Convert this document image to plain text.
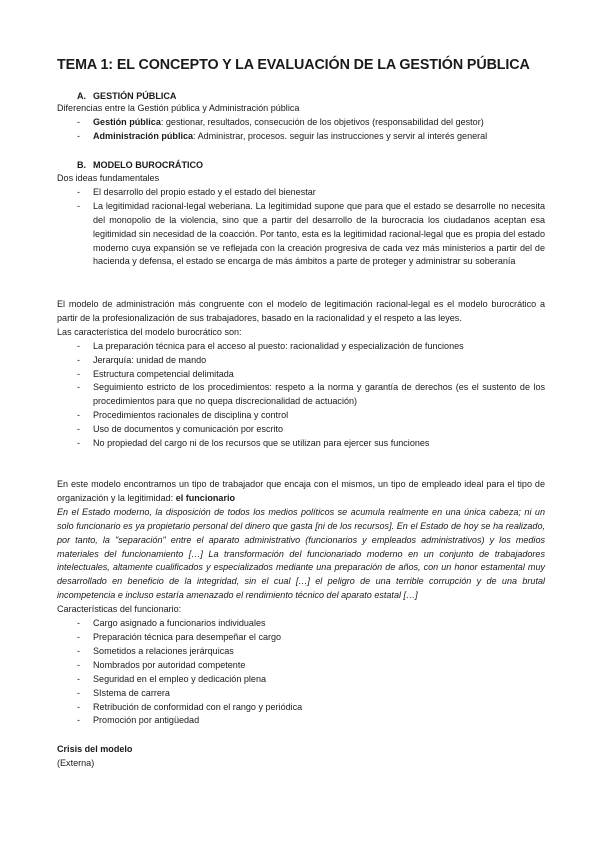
TEMA 1: EL CONCEPTO Y LA EVALUACIÓN DE LA GESTIÓN PÚBLICA
A. GESTIÓN PÚBLICA
Diferencias entre la Gestión pública y Administración pública
- Gestión pública: gestionar, resultados, consecución de los objetivos (responsabilidad del gestor)
- Administración pública: Administrar, procesos. seguir las instrucciones y servir al interés general
B. MODELO BUROCRÁTICO
Dos ideas fundamentales
- El desarrollo del propio estado y el estado del bienestar
- La legitimidad racional-legal weberiana. La legitimidad supone que para que el estado se desarrolle no necesita del monopolio de la violencia, sino que a partir del desarrollo de la burocracia los ciudadanos aceptan esa legitimidad sin necesidad de la coacción. Por tanto, esta es la legitimidad racional-legal que es propia del estado moderno cuya expansión se ve reflejada con la creación progresiva de cada vez más ministerios a partir del de hacienda y defensa, el estado se encarga de más ámbitos a parte de proteger y administrar su soberanía
El modelo de administración más congruente con el modelo de legitimación racional-legal es el modelo burocrático a partir de la profesionalización de sus trabajadores, basado en la racionalidad y el respeto a las leyes.
Las característica del modelo burocrático son:
- La preparación técnica para el acceso al puesto: racionalidad y especialización de funciones
- Jerarquía: unidad de mando
- Estructura competencial delimitada
- Seguimiento estricto de los procedimientos: respeto a la norma y garantía de derechos (es el sustento de los procedimientos para que no quepa discrecionalidad de actuación)
- Procedimientos racionales de disciplina y control
- Uso de documentos y comunicación por escrito
- No propiedad del cargo ni de los recursos que se utilizan para ejercer sus funciones
En este modelo encontramos un tipo de trabajador que encaja con el mismos, un tipo de empleado ideal para el tipo de organización y la legitimidad: el funcionario
En el Estado moderno, la disposición de todos los medios políticos se acumula realmente en una única cabeza; ni un solo funcionario es ya propietario personal del dinero que gasta [ni de los recursos]. En el Estado de hoy se ha realizado, por tanto, la "separación" entre el aparato administrativo (funcionarios y empleados administrativos) y los medios materiales del funcionamiento […] La transformación del funcionariado moderno en un conjunto de trabajadores intelectuales, altamente cualificados y especializados mediante una preparación de años, con un honor estamental muy desarrollado en beneficio de la integridad, sin el cual […] el peligro de una terrible corrupción y de una brutal incompetencia e incluso estaría amenazado el rendimiento técnico del aparato estatal […]
Características del funcionario:
- Cargo asignado a funcionarios individuales
- Preparación técnica para desempeñar el cargo
- Sometidos a relaciones jerárquicas
- Nombrados por autoridad competente
- Seguridad en el empleo y dedicación plena
- SIstema de carrera
- Retribución de conformidad con el rango y periódica
- Promoción por antigüedad
Crisis del modelo
(Externa)
